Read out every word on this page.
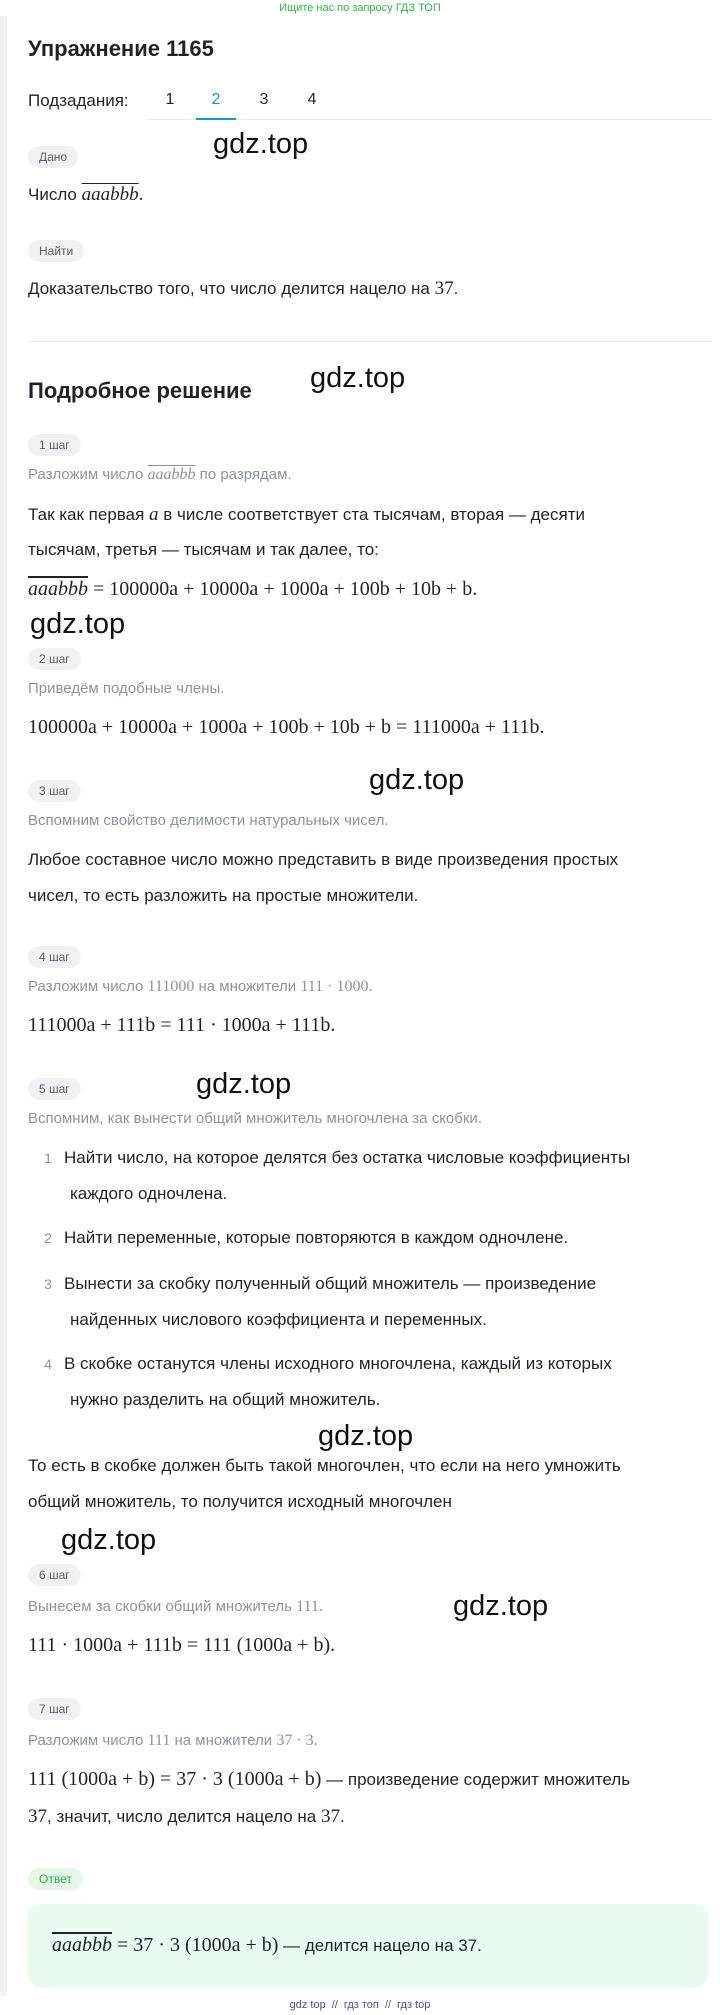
Ищите нас по запросу ГДЗ ТОП
Упражнение 1165
Подзадания:	1	2	3	4
Дано	gdz.top
Число aaabbb.
Найти
Доказательство того, что число делится нацело на 37.
Подробное решение gdz.top
1 шаг
Разложим число aaabbb по разрядам.
Так как первая a в числе соответствует ста тысячам, вторая — десяти
тысячам, третья — тысячам и так далее, то:
aaabbb = 100000a + 10000a + 1000a + 100b + 10b + b.
gdz.top
2 шаг
Приведём подобные члены.
100000a + 10000a + 1000a + 100b + 10b + b = 111000a + 111b.
gdz.top
3 шаг
Вспомним свойство делимости натуральных чисел.
Любое составное число можно представить в виде произведения простых
чисел, то есть разложить на простые множители.
4 шаг
Разложим число 111000 на множители 111 · 1000.
111000a + 111b = 111 · 1000a + 111b.
gdz.top
5 шаг
Вспомним, как вынести общий множитель многочлена за скобки.
1 Найти число, на которое делятся без остатка числовые коэффициенты
каждого одночлена.
2 Найти переменные, которые повторяются в каждом одночлене.
3 Вынести за скобку полученный общий множитель — произведение
найденных числового коэффициента и переменных.
4 В скобке останутся члены исходного многочлена, каждый из которых
нужно разделить на общий множитель.
gdz.top
То есть в скобке должен быть такой многочлен, что если на него умножить
общий множитель, то получится исходный многочлен
gdz.top
6 шаг
gdz.top
Вынесем за скобки общий множитель 111.
111 · 1000a + 111b = 111 (1000a + b).
7 шаг
Разложим число 111 на множители 37 · 3.
111 (1000a + b) = 37 · 3 (1000a + b) — произведение содержит множитель
37, значит, число делится нацело на 37.
Ответ
aaabbb = 37 · 3 (1000a + b) — делится нацело на 37.
gdz top // гдз топ // гдз top
